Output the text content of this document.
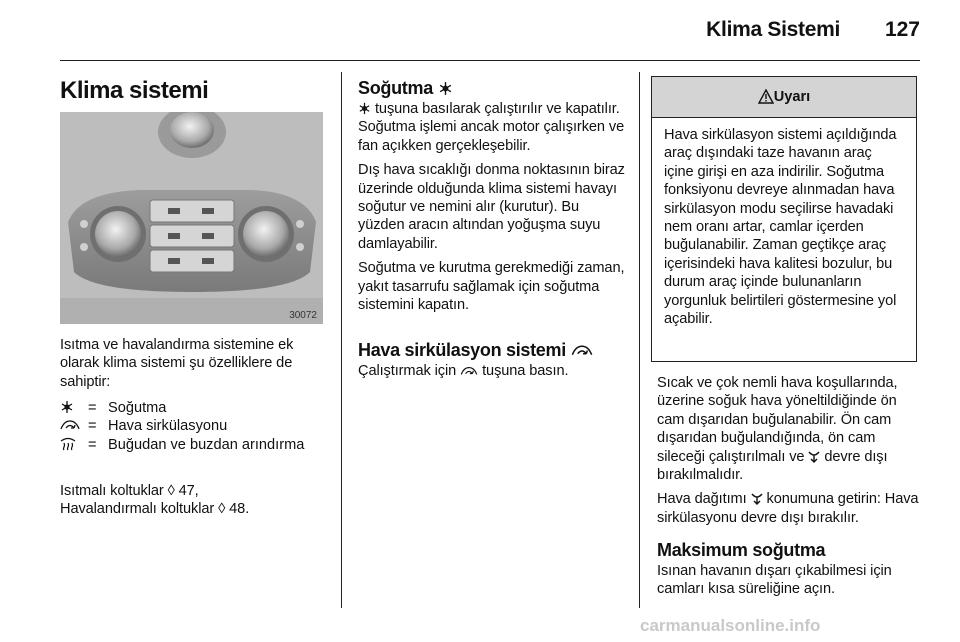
Klima Sistemi 127
Klima sistemi
30072

Isıtma ve havalandırma sistemine ek olarak klima sistemi şu özelliklere de sahiptir:

= Soğutma
= Hava sirkülasyonu
= Buğudan ve buzdan arındırma
Isıtmalı koltuklar ◊ 47,
Havalandırmalı koltuklar ◊ 48.
Soğutma

tuşuna basılarak çalıştırılır ve kapatılır. Soğutma işlemi ancak motor çalışırken ve fan açıkken gerçekleşebilir.

Dış hava sıcaklığı donma noktasının biraz üzerinde olduğunda klima sistemi havayı soğutur ve nemini alır (kurutur). Bu yüzden aracın altından yoğuşma suyu damlayabilir.

Soğutma ve kurutma gerekmediği zaman, yakıt tasarrufu sağlamak için soğutma sistemini kapatın.

Hava sirkülasyon sistemi

Çalıştırmak için tuşuna basın.

Uyarı
Hava sirkülasyon sistemi açıldığında araç dışındaki taze havanın araç içine girişi en aza indirilir. Soğutma fonksiyonu devreye alınmadan hava sirkülasyon modu seçilirse havadaki nem oranı artar, camlar içerden buğulanabilir. Zaman geçtikçe araç içerisindeki hava kalitesi bozulur, bu durum araç içinde bulunanların yorgunluk belirtileri göstermesine yol açabilir.

Sıcak ve çok nemli hava koşullarında, üzerine soğuk hava yöneltildiğinde ön cam dışarıdan buğulanabilir. Ön cam dışarıdan buğulandığında, ön cam sileceği çalıştırılmalı ve devre dışı bırakılmalıdır.

Hava dağıtımı konumuna getirin: Hava sirkülasyonu devre dışı bırakılır.

Maksimum soğutma
Isınan havanın dışarı çıkabilmesi için camları kısa süreliğine açın.
carmanualsonline.info
